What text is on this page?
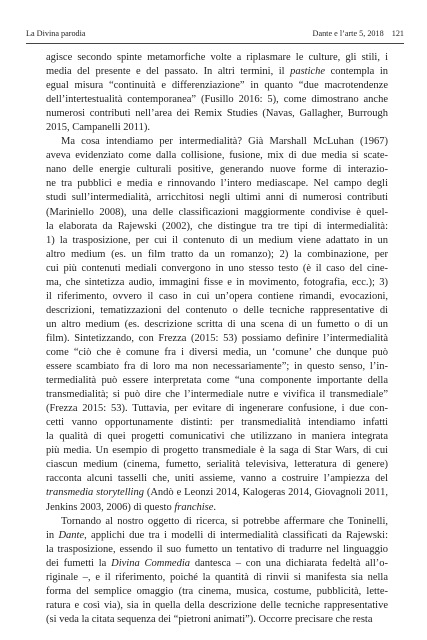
La Divina parodia	Dante e l’arte 5, 2018 121
agisce secondo spinte metamorfiche volte a riplasmare le culture, gli stili, i
media del presente e del passato. In altri termini, il pastiche contempla in
egual misura “continuità e differenziazione” in quanto “due macrotendenze
dell’intertestualità contemporanea” (Fusillo 2016: 5), come dimostrano anche
numerosi contributi nell’area dei Remix Studies (Navas, Gallagher, Burrough
2015, Campanelli 2011).
Ma cosa intendiamo per intermedialità? Già Marshall McLuhan (1967)
aveva evidenziato come dalla collisione, fusione, mix di due media si scate-
nano delle energie culturali positive, generando nuove forme di interazio-
ne tra pubblici e media e rinnovando l’intero mediascape. Nel campo degli
studi sull’intermedialità, arricchitosi negli ultimi anni di numerosi contributi
(Mariniello 2008), una delle classificazioni maggiormente condivise è quel-
la elaborata da Rajewski (2002), che distingue tra tre tipi di intermedialità:
1) la trasposizione, per cui il contenuto di un medium viene adattato in un
altro medium (es. un film tratto da un romanzo); 2) la combinazione, per
cui più contenuti mediali convergono in uno stesso testo (è il caso del cine-
ma, che sintetizza audio, immagini fisse e in movimento, fotografia, ecc.); 3)
il riferimento, ovvero il caso in cui un’opera contiene rimandi, evocazioni,
descrizioni, tematizzazioni del contenuto o delle tecniche rappresentative di
un altro medium (es. descrizione scritta di una scena di un fumetto o di un
film). Sintetizzando, con Frezza (2015: 53) possiamo definire l’intermedialità
come “ciò che è comune fra i diversi media, un ‘comune’ che dunque può
essere scambiato fra di loro ma non necessariamente”; in questo senso, l’in-
termedialità può essere interpretata come “una componente importante della
transmedialità; si può dire che l’intermediale nutre e vivifica il transmediale”
(Frezza 2015: 53). Tuttavia, per evitare di ingenerare confusione, i due con-
cetti vanno opportunamente distinti: per transmedialità intendiamo infatti
la qualità di quei progetti comunicativi che utilizzano in maniera integrata
più media. Un esempio di progetto transmediale è la saga di Star Wars, di cui
ciascun medium (cinema, fumetto, serialità televisiva, letteratura di genere)
racconta alcuni tasselli che, uniti assieme, vanno a costruire l’ampiezza del
transmedia storytelling (Andò e Leonzi 2014, Kalogeras 2014, Giovagnoli 2011,
Jenkins 2003, 2006) di questo franchise.
Tornando al nostro oggetto di ricerca, si potrebbe affermare che Toninelli,
in Dante, applichi due tra i modelli di intermedialità classificati da Rajewski:
la trasposizione, essendo il suo fumetto un tentativo di tradurre nel linguaggio
dei fumetti la Divina Commedia dantesca – con una dichiarata fedeltà all’o-
riginale –, e il riferimento, poiché la quantità di rinvii si manifesta sia nella
forma del semplice omaggio (tra cinema, musica, costume, pubblicità, lette-
ratura e così via), sia in quella della descrizione delle tecniche rappresentative
(si veda la citata sequenza dei “pietroni animati”). Occorre precisare che resta
